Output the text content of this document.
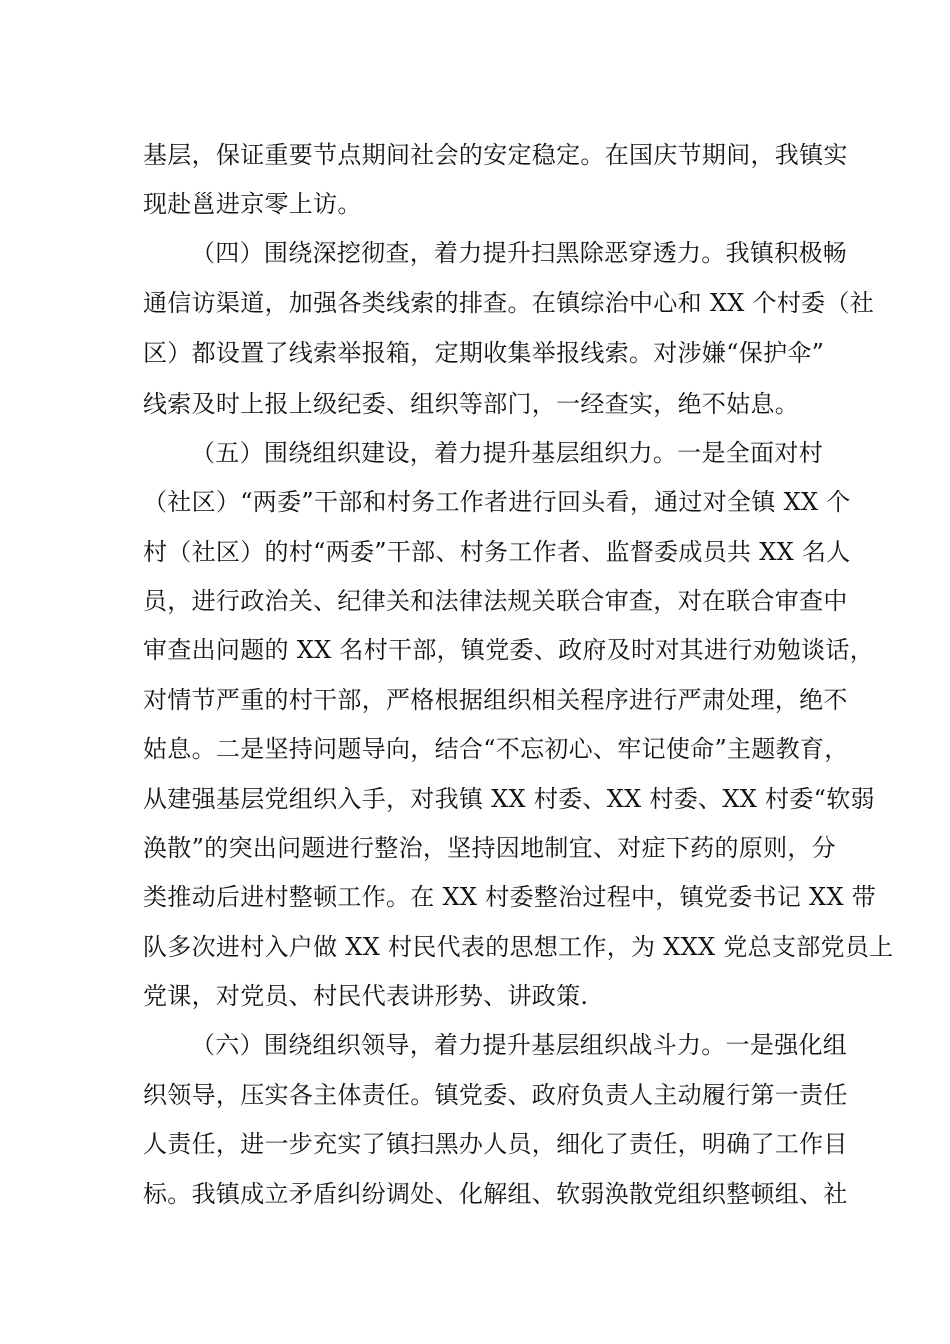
基层，保证重要节点期间社会的安定稳定。在国庆节期间，我镇实
现赴邕进京零上访。
（四）围绕深挖彻查，着力提升扫黑除恶穿透力。我镇积极畅
通信访渠道，加强各类线索的排查。在镇综治中心和 XX 个村委（社
区）都设置了线索举报箱，定期收集举报线索。对涉嫌“保护伞”
线索及时上报上级纪委、组织等部门，一经查实，绝不姑息。
（五）围绕组织建设，着力提升基层组织力。一是全面对村
（社区）“两委”干部和村务工作者进行回头看，通过对全镇 XX 个
村（社区）的村“两委”干部、村务工作者、监督委成员共 XX 名人
员，进行政治关、纪律关和法律法规关联合审查，对在联合审查中
审查出问题的 XX 名村干部，镇党委、政府及时对其进行劝勉谈话，
对情节严重的村干部，严格根据组织相关程序进行严肃处理，绝不
姑息。二是坚持问题导向，结合“不忘初心、牢记使命”主题教育，
从建强基层党组织入手，对我镇 XX 村委、XX 村委、XX 村委“软弱
涣散”的突出问题进行整治，坚持因地制宜、对症下药的原则，分
类推动后进村整顿工作。在 XX 村委整治过程中，镇党委书记 XX 带
队多次进村入户做 XX 村民代表的思想工作，为 XXX 党总支部党员上
党课，对党员、村民代表讲形势、讲政策.
（六）围绕组织领导，着力提升基层组织战斗力。一是强化组
织领导，压实各主体责任。镇党委、政府负责人主动履行第一责任
人责任，进一步充实了镇扫黑办人员，细化了责任，明确了工作目
标。我镇成立矛盾纠纷调处、化解组、软弱涣散党组织整顿组、社
